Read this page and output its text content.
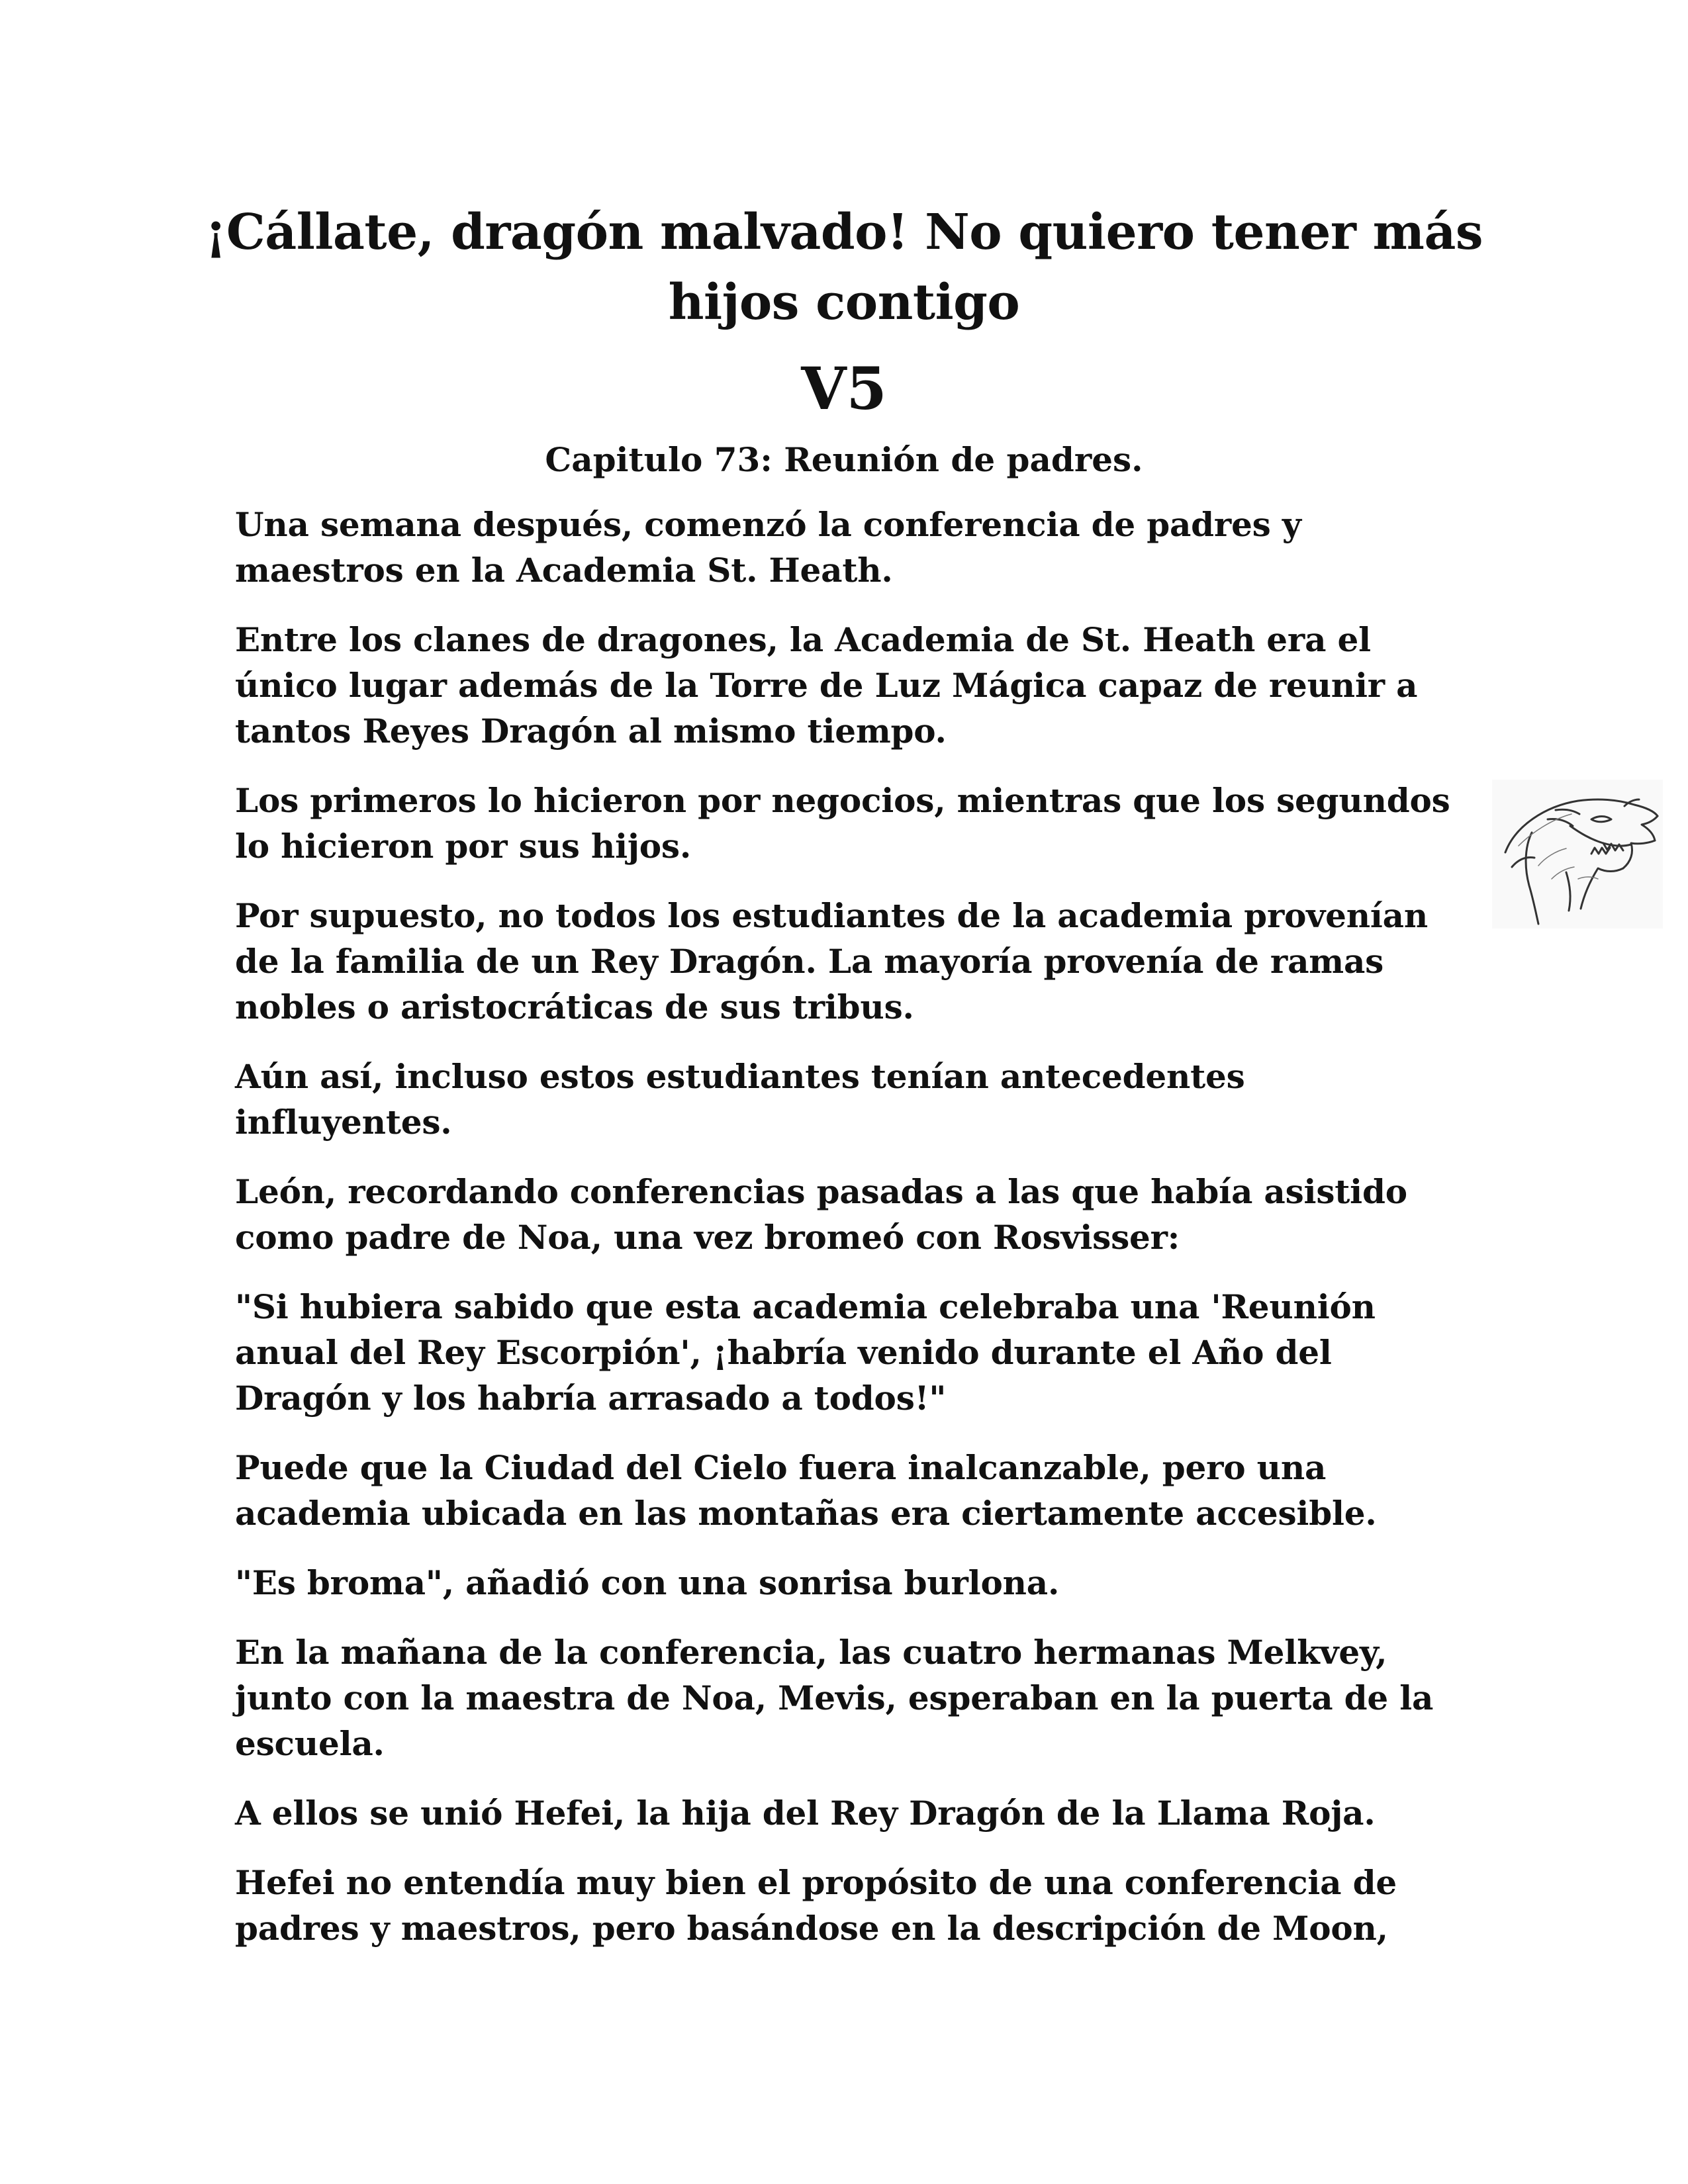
¡Cállate, dragón malvado! No quiero tener más hijos contigo
V5
Capitulo 73: Reunión de padres.

Una semana después, comenzó la conferencia de padres y maestros en la Academia St. Heath.

Entre los clanes de dragones, la Academia de St. Heath era el único lugar además de la Torre de Luz Mágica capaz de reunir a tantos Reyes Dragón al mismo tiempo.

Los primeros lo hicieron por negocios, mientras que los segundos lo hicieron por sus hijos.

Por supuesto, no todos los estudiantes de la academia provenían de la familia de un Rey Dragón. La mayoría provenía de ramas nobles o aristocráticas de sus tribus.

Aún así, incluso estos estudiantes tenían antecedentes influyentes.

León, recordando conferencias pasadas a las que había asistido como padre de Noa, una vez bromeó con Rosvisser:

"Si hubiera sabido que esta academia celebraba una 'Reunión anual del Rey Escorpión', ¡habría venido durante el Año del Dragón y los habría arrasado a todos!"

Puede que la Ciudad del Cielo fuera inalcanzable, pero una academia ubicada en las montañas era ciertamente accesible.

"Es broma", añadió con una sonrisa burlona.

En la mañana de la conferencia, las cuatro hermanas Melkvey, junto con la maestra de Noa, Mevis, esperaban en la puerta de la escuela.

A ellos se unió Hefei, la hija del Rey Dragón de la Llama Roja.

Hefei no entendía muy bien el propósito de una conferencia de padres y maestros, pero basándose en la descripción de Moon,
